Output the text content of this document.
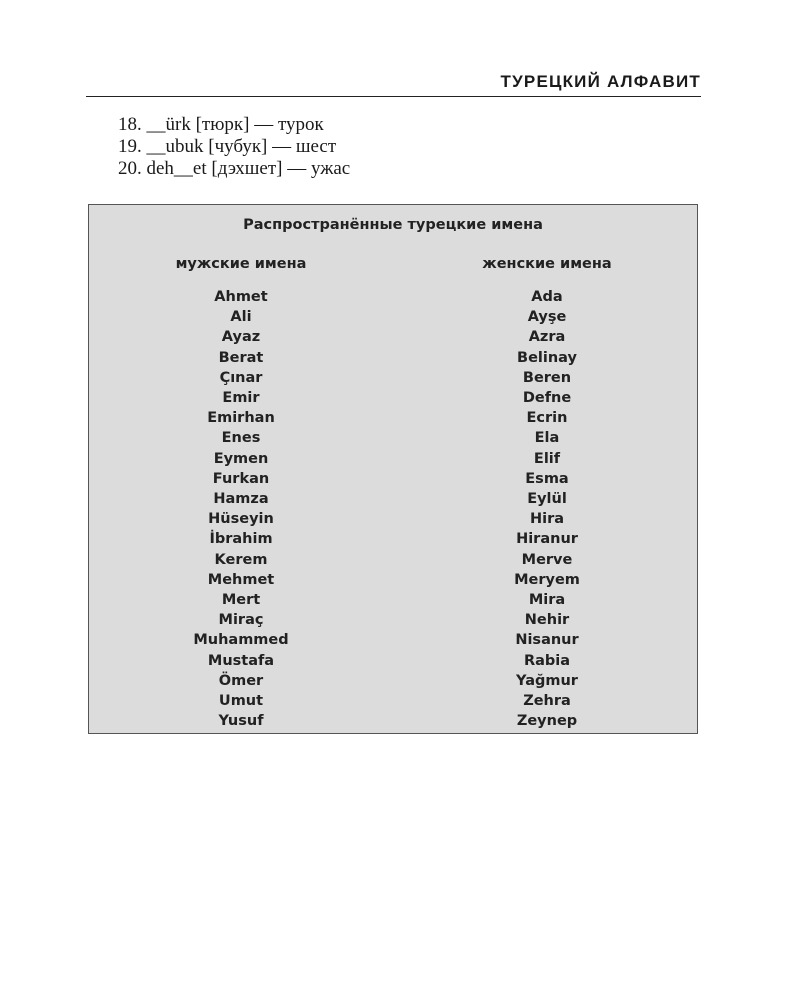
ТУРЕЦКИЙ АЛФАВИТ
18. __ürk [тюрк] — турок
19. __ubuk [чубук] — шест
20. deh__et [дэхшет] — ужас
Распространённые турецкие имена
мужские имена
Ahmet
Ali
Ayaz
Berat
Çınar
Emir
Emirhan
Enes
Eymen
Furkan
Hamza
Hüseyin
İbrahim
Kerem
Mehmet
Mert
Miraç
Muhammed
Mustafa
Ömer
Umut
Yusuf
женские имена
Ada
Ayşe
Azra
Belinay
Beren
Defne
Ecrin
Ela
Elif
Esma
Eylül
Hira
Hiranur
Merve
Meryem
Mira
Nehir
Nisanur
Rabia
Yağmur
Zehra
Zeynep
